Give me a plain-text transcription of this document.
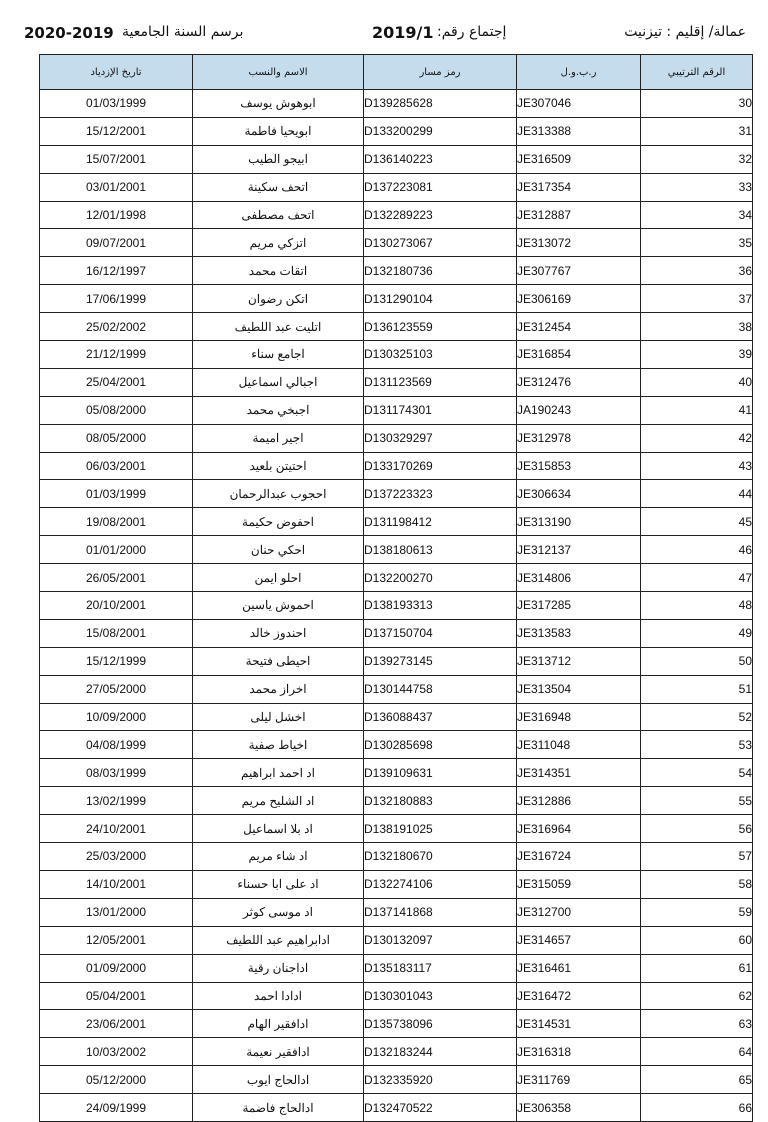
2020-2019 برسم السنة الجامعية	2019/1 إجتماع رقم:	عمالة/ إقليم : تيزنيت
تاريخ الإزدياد	الاسم والنسب	رمز مسار	ر.ب.و.ل	الرقم الترتيبي
01/03/1999	ابوهوش يوسف	D139285628	JE307046	30
15/12/2001	ابويحيا فاطمة	D133200299	JE313388	31
15/07/2001	ابيجو الطيب	D136140223	JE316509	32
03/01/2001	اتحف سكينة	D137223081	JE317354	33
12/01/1998	اتحف مصطفى	D132289223	JE312887	34
09/07/2001	اتزكي مريم	D130273067	JE313072	35
16/12/1997	اتقات محمد	D132180736	JE307767	36
17/06/1999	اتكن رضوان	D131290104	JE306169	37
25/02/2002	اتليت عبد اللطيف	D136123559	JE312454	38
21/12/1999	اجامع سناء	D130325103	JE316854	39
25/04/2001	اجبالي اسماعيل	D131123569	JE312476	40
05/08/2000	اجبخي محمد	D131174301	JA190243	41
08/05/2000	اجير اميمة	D130329297	JE312978	42
06/03/2001	احتيتن بلعيد	D133170269	JE315853	43
01/03/1999	احجوب عبدالرحمان	D137223323	JE306634	44
19/08/2001	احفوض حكيمة	D131198412	JE313190	45
01/01/2000	احكي حنان	D138180613	JE312137	46
26/05/2001	احلو ايمن	D132200270	JE314806	47
20/10/2001	احموش ياسين	D138193313	JE317285	48
15/08/2001	احندوز خالد	D137150704	JE313583	49
15/12/1999	احيطى فتيحة	D139273145	JE313712	50
27/05/2000	اخراز محمد	D130144758	JE313504	51
10/09/2000	اخشل ليلى	D136088437	JE316948	52
04/08/1999	اخياط صفية	D130285698	JE311048	53
08/03/1999	اد احمد ابراهيم	D139109631	JE314351	54
13/02/1999	اد الشليح مريم	D132180883	JE312886	55
24/10/2001	اد بلا اسماعيل	D138191025	JE316964	56
25/03/2000	اد شاء مريم	D132180670	JE316724	57
14/10/2001	اد على ابا حسناء	D132274106	JE315059	58
13/01/2000	اد موسى كوثر	D137141868	JE312700	59
12/05/2001	ادابراهيم عبد اللطيف	D130132097	JE314657	60
01/09/2000	اداجنان رقية	D135183117	JE316461	61
05/04/2001	ادادا احمد	D130301043	JE316472	62
23/06/2001	ادافقير الهام	D135738096	JE314531	63
10/03/2002	ادافقير نعيمة	D132183244	JE316318	64
05/12/2000	ادالحاج ايوب	D132335920	JE311769	65
24/09/1999	ادالحاج فاضمة	D132470522	JE306358	66
